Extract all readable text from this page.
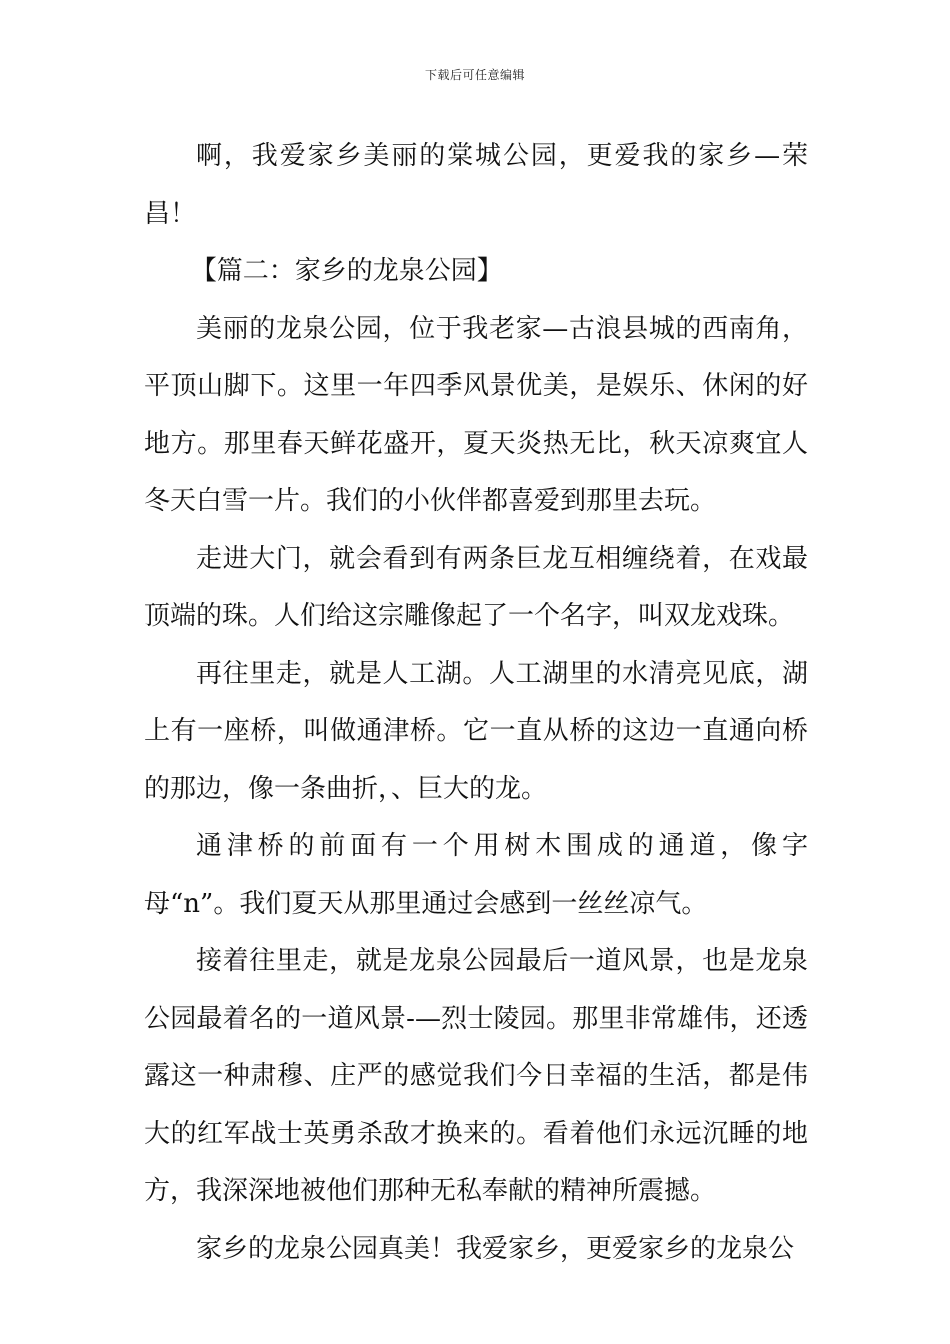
下载后可任意编辑

啊，我爱家乡美丽的棠城公园，更爱我的家乡—荣昌！

【篇二：家乡的龙泉公园】

美丽的龙泉公园，位于我老家—古浪县城的西南角，平顶山脚下。这里一年四季风景优美，是娱乐、休闲的好地方。那里春天鲜花盛开，夏天炎热无比，秋天凉爽宜人冬天白雪一片。我们的小伙伴都喜爱到那里去玩。

走进大门，就会看到有两条巨龙互相缠绕着，在戏最顶端的珠。人们给这宗雕像起了一个名字，叫双龙戏珠。

再往里走，就是人工湖。人工湖里的水清亮见底，湖上有一座桥，叫做通津桥。它一直从桥的这边一直通向桥的那边，像一条曲折，、巨大的龙。

通津桥的前面有一个用树木围成的通道，像字母“n”。我们夏天从那里通过会感到一丝丝凉气。

接着往里走，就是龙泉公园最后一道风景，也是龙泉公园最着名的一道风景-—烈士陵园。那里非常雄伟，还透露这一种肃穆、庄严的感觉我们今日幸福的生活，都是伟大的红军战士英勇杀敌才换来的。看着他们永远沉睡的地方，我深深地被他们那种无私奉献的精神所震撼。

家乡的龙泉公园真美！我爱家乡，更爱家乡的龙泉公
